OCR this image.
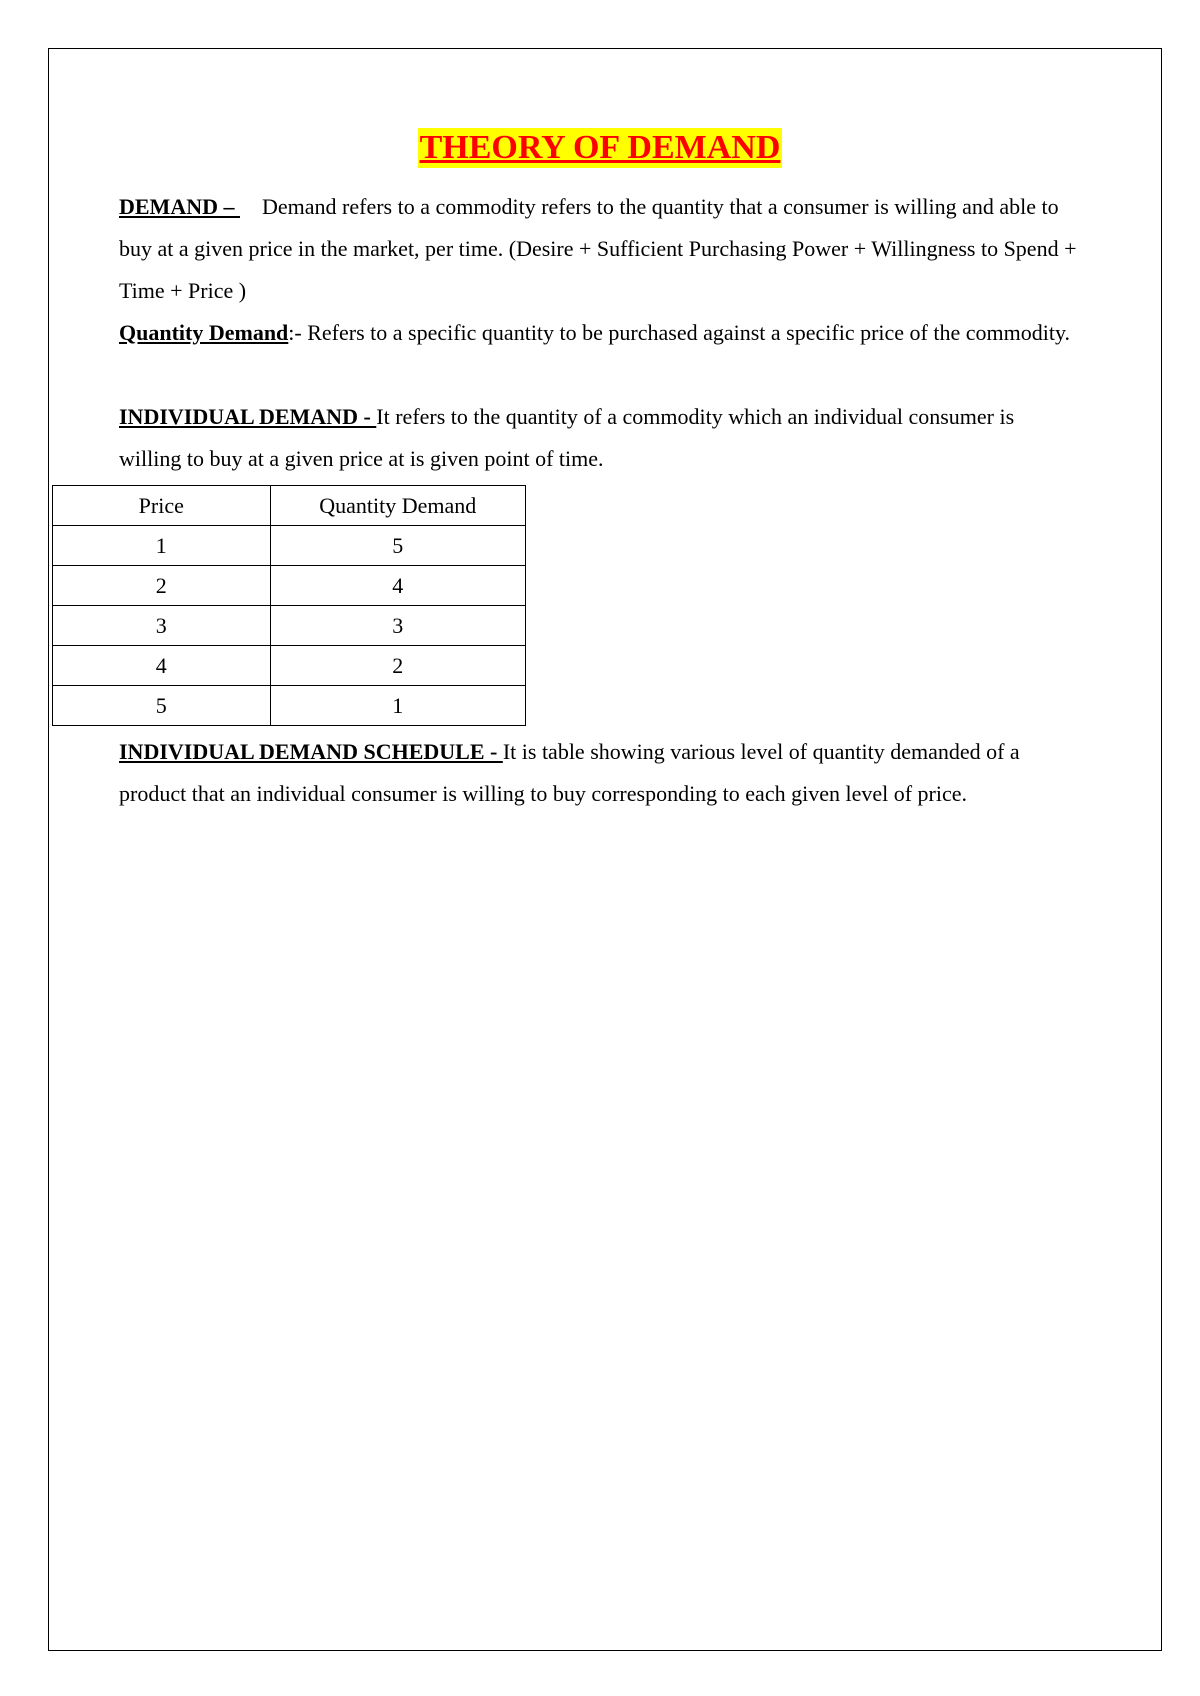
THEORY OF DEMAND

DEMAND – Demand refers to a commodity refers to the quantity that a consumer is willing and able to buy at a given price in the market, per time. (Desire + Sufficient Purchasing Power + Willingness to Spend + Time + Price )

Quantity Demand:- Refers to a specific quantity to be purchased against a specific price of the commodity.

INDIVIDUAL DEMAND - It refers to the quantity of a commodity which an individual consumer is willing to buy at a given price at is given point of time.

Price	Quantity Demand
1	5
2	4
3	3
4	2
5	1

INDIVIDUAL DEMAND SCHEDULE - It is table showing various level of quantity demanded of a product that an individual consumer is willing to buy corresponding to each given level of price.
